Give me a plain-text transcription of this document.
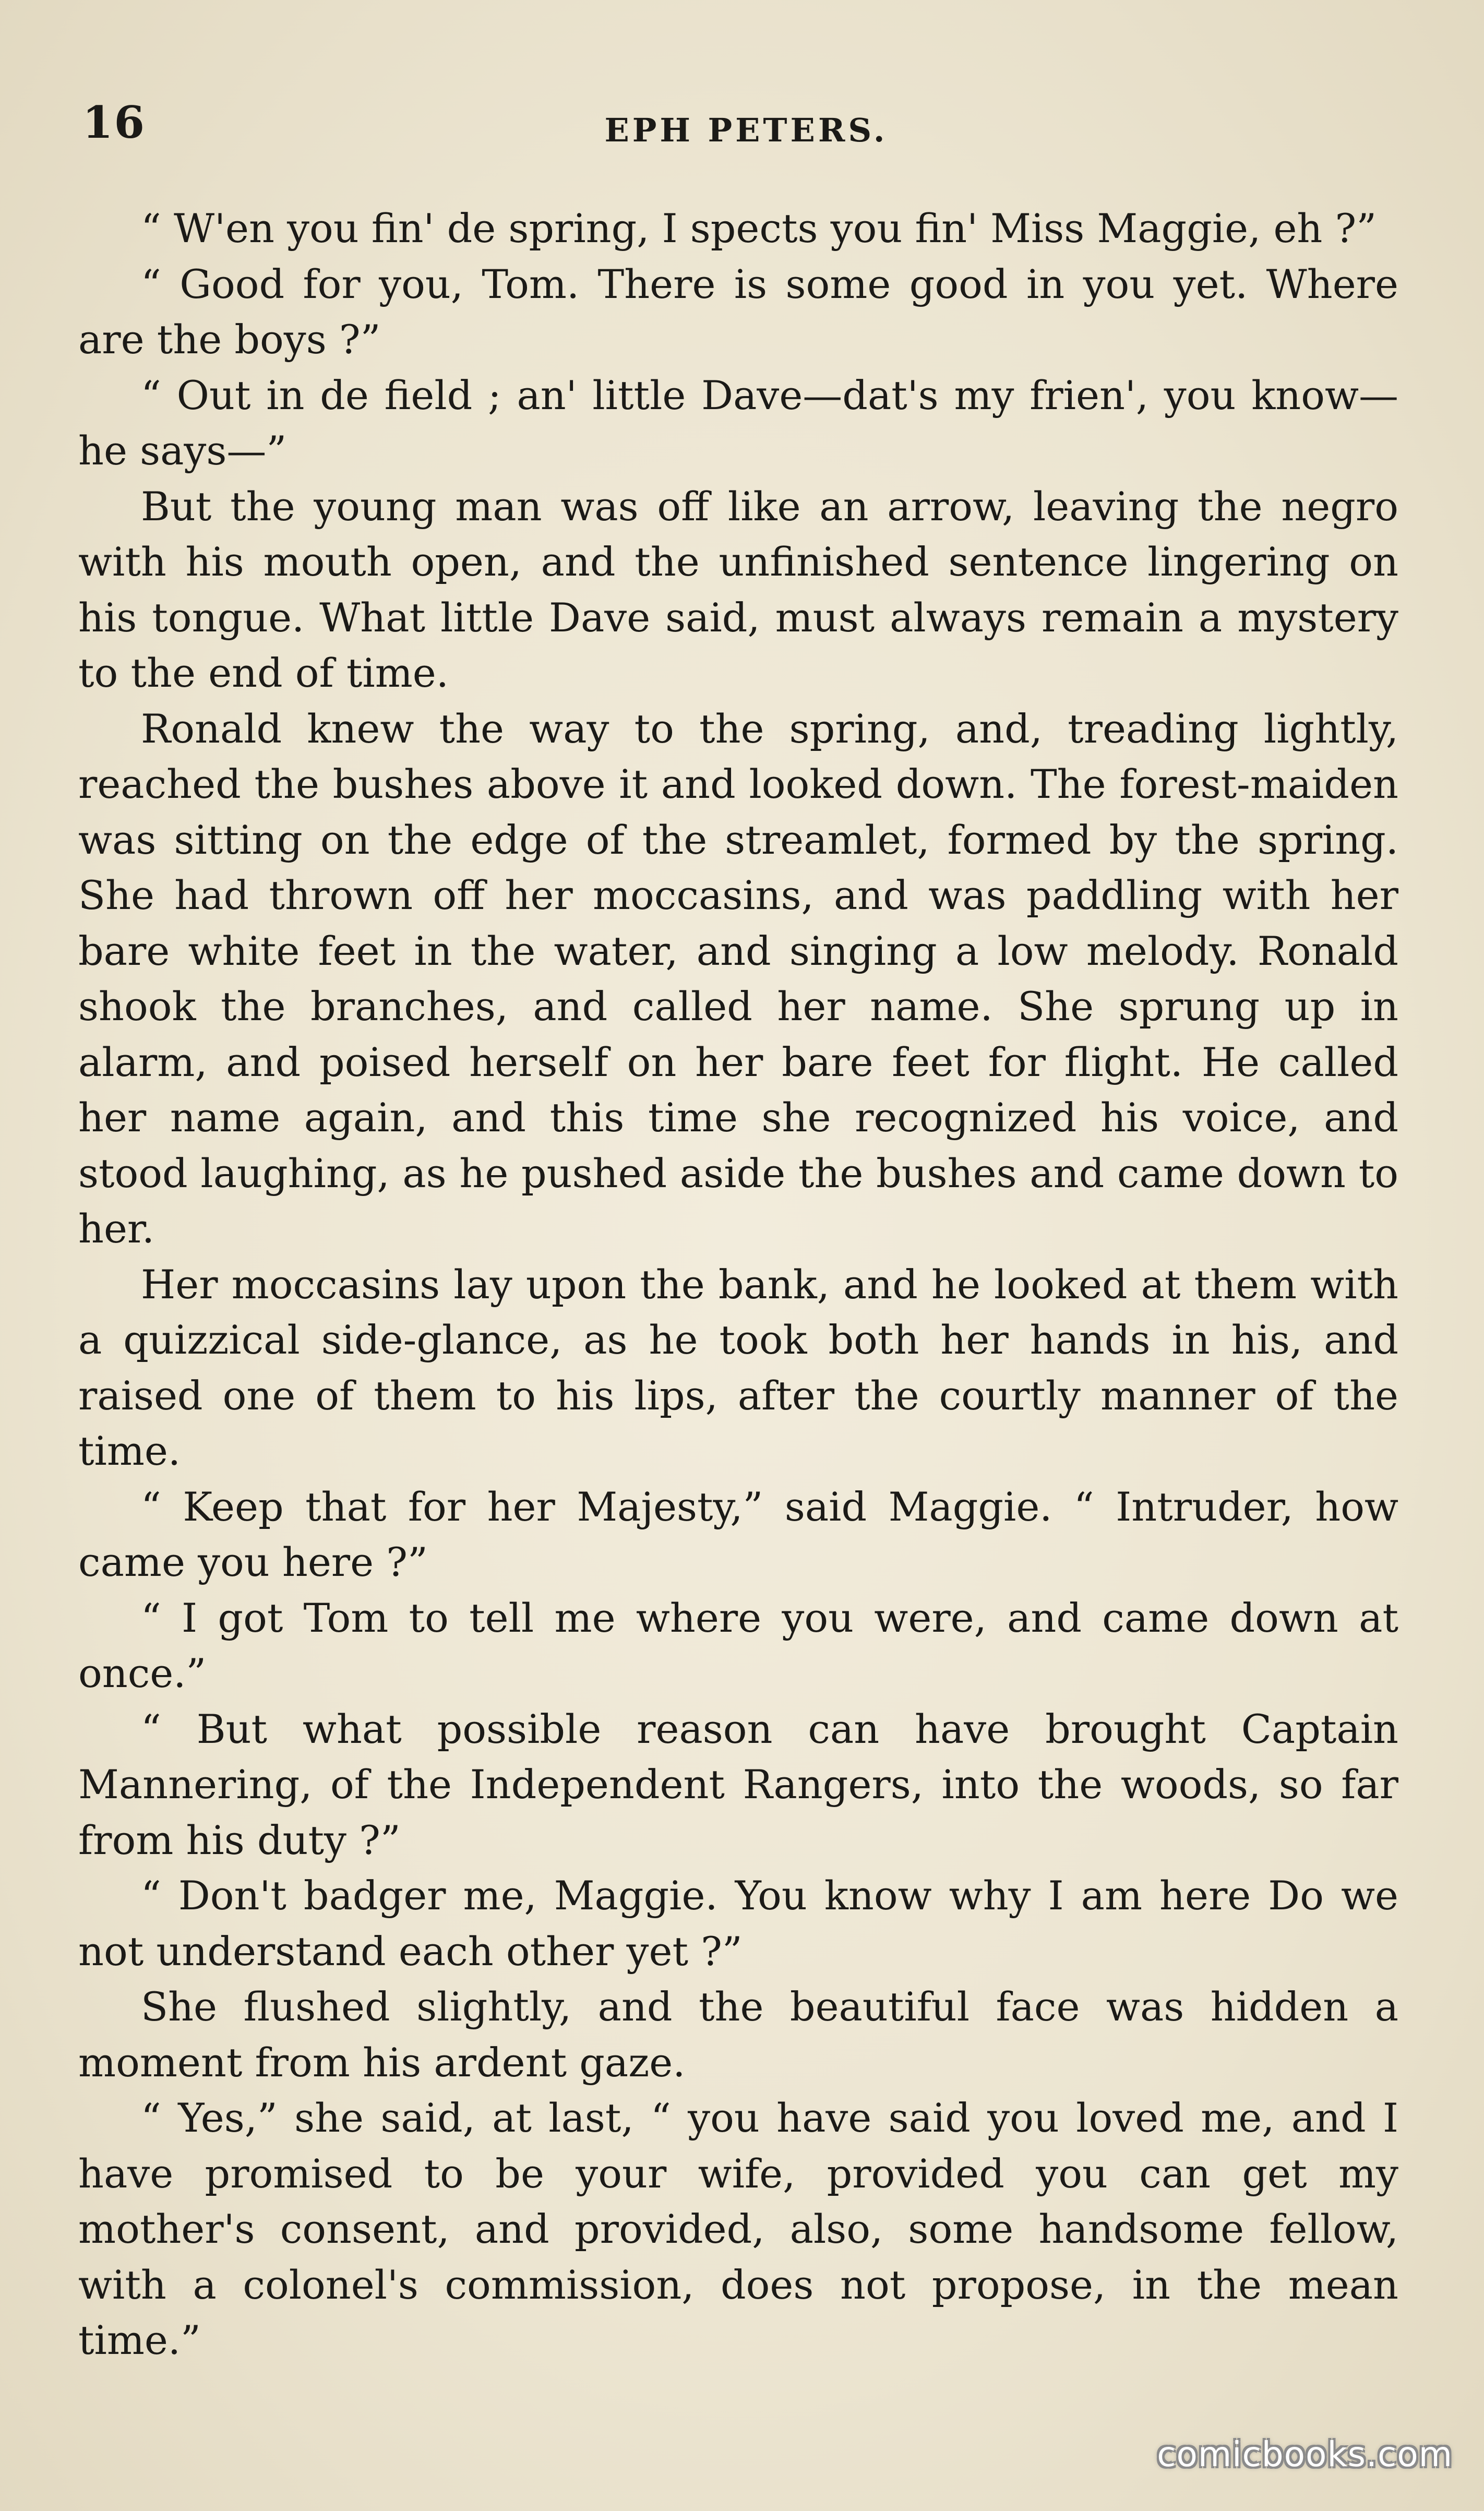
16	EPH PETERS.

“ W'en you fin' de spring, I spects you fin' Miss Maggie, eh ?”

“ Good for you, Tom. There is some good in you yet. Where are the boys ?”

“ Out in de field ; an' little Dave—dat's my frien', you know—he says—”

But the young man was off like an arrow, leaving the negro with his mouth open, and the unfinished sentence lingering on his tongue. What little Dave said, must always remain a mystery to the end of time.

Ronald knew the way to the spring, and, treading lightly, reached the bushes above it and looked down. The forest-maiden was sitting on the edge of the streamlet, formed by the spring. She had thrown off her moccasins, and was paddling with her bare white feet in the water, and singing a low melody. Ronald shook the branches, and called her name. She sprung up in alarm, and poised herself on her bare feet for flight. He called her name again, and this time she recognized his voice, and stood laughing, as he pushed aside the bushes and came down to her.

Her moccasins lay upon the bank, and he looked at them with a quizzical side-glance, as he took both her hands in his, and raised one of them to his lips, after the courtly manner of the time.

“ Keep that for her Majesty,” said Maggie. “ Intruder, how came you here ?”

“ I got Tom to tell me where you were, and came down at once.”

“ But what possible reason can have brought Captain Mannering, of the Independent Rangers, into the woods, so far from his duty ?”

“ Don't badger me, Maggie. You know why I am here Do we not understand each other yet ?”

She flushed slightly, and the beautiful face was hidden a moment from his ardent gaze.

“ Yes,” she said, at last, “ you have said you loved me, and I have promised to be your wife, provided you can get my mother's consent, and provided, also, some handsome fellow, with a colonel's commission, does not propose, in the mean time.”

comicbooks.com
